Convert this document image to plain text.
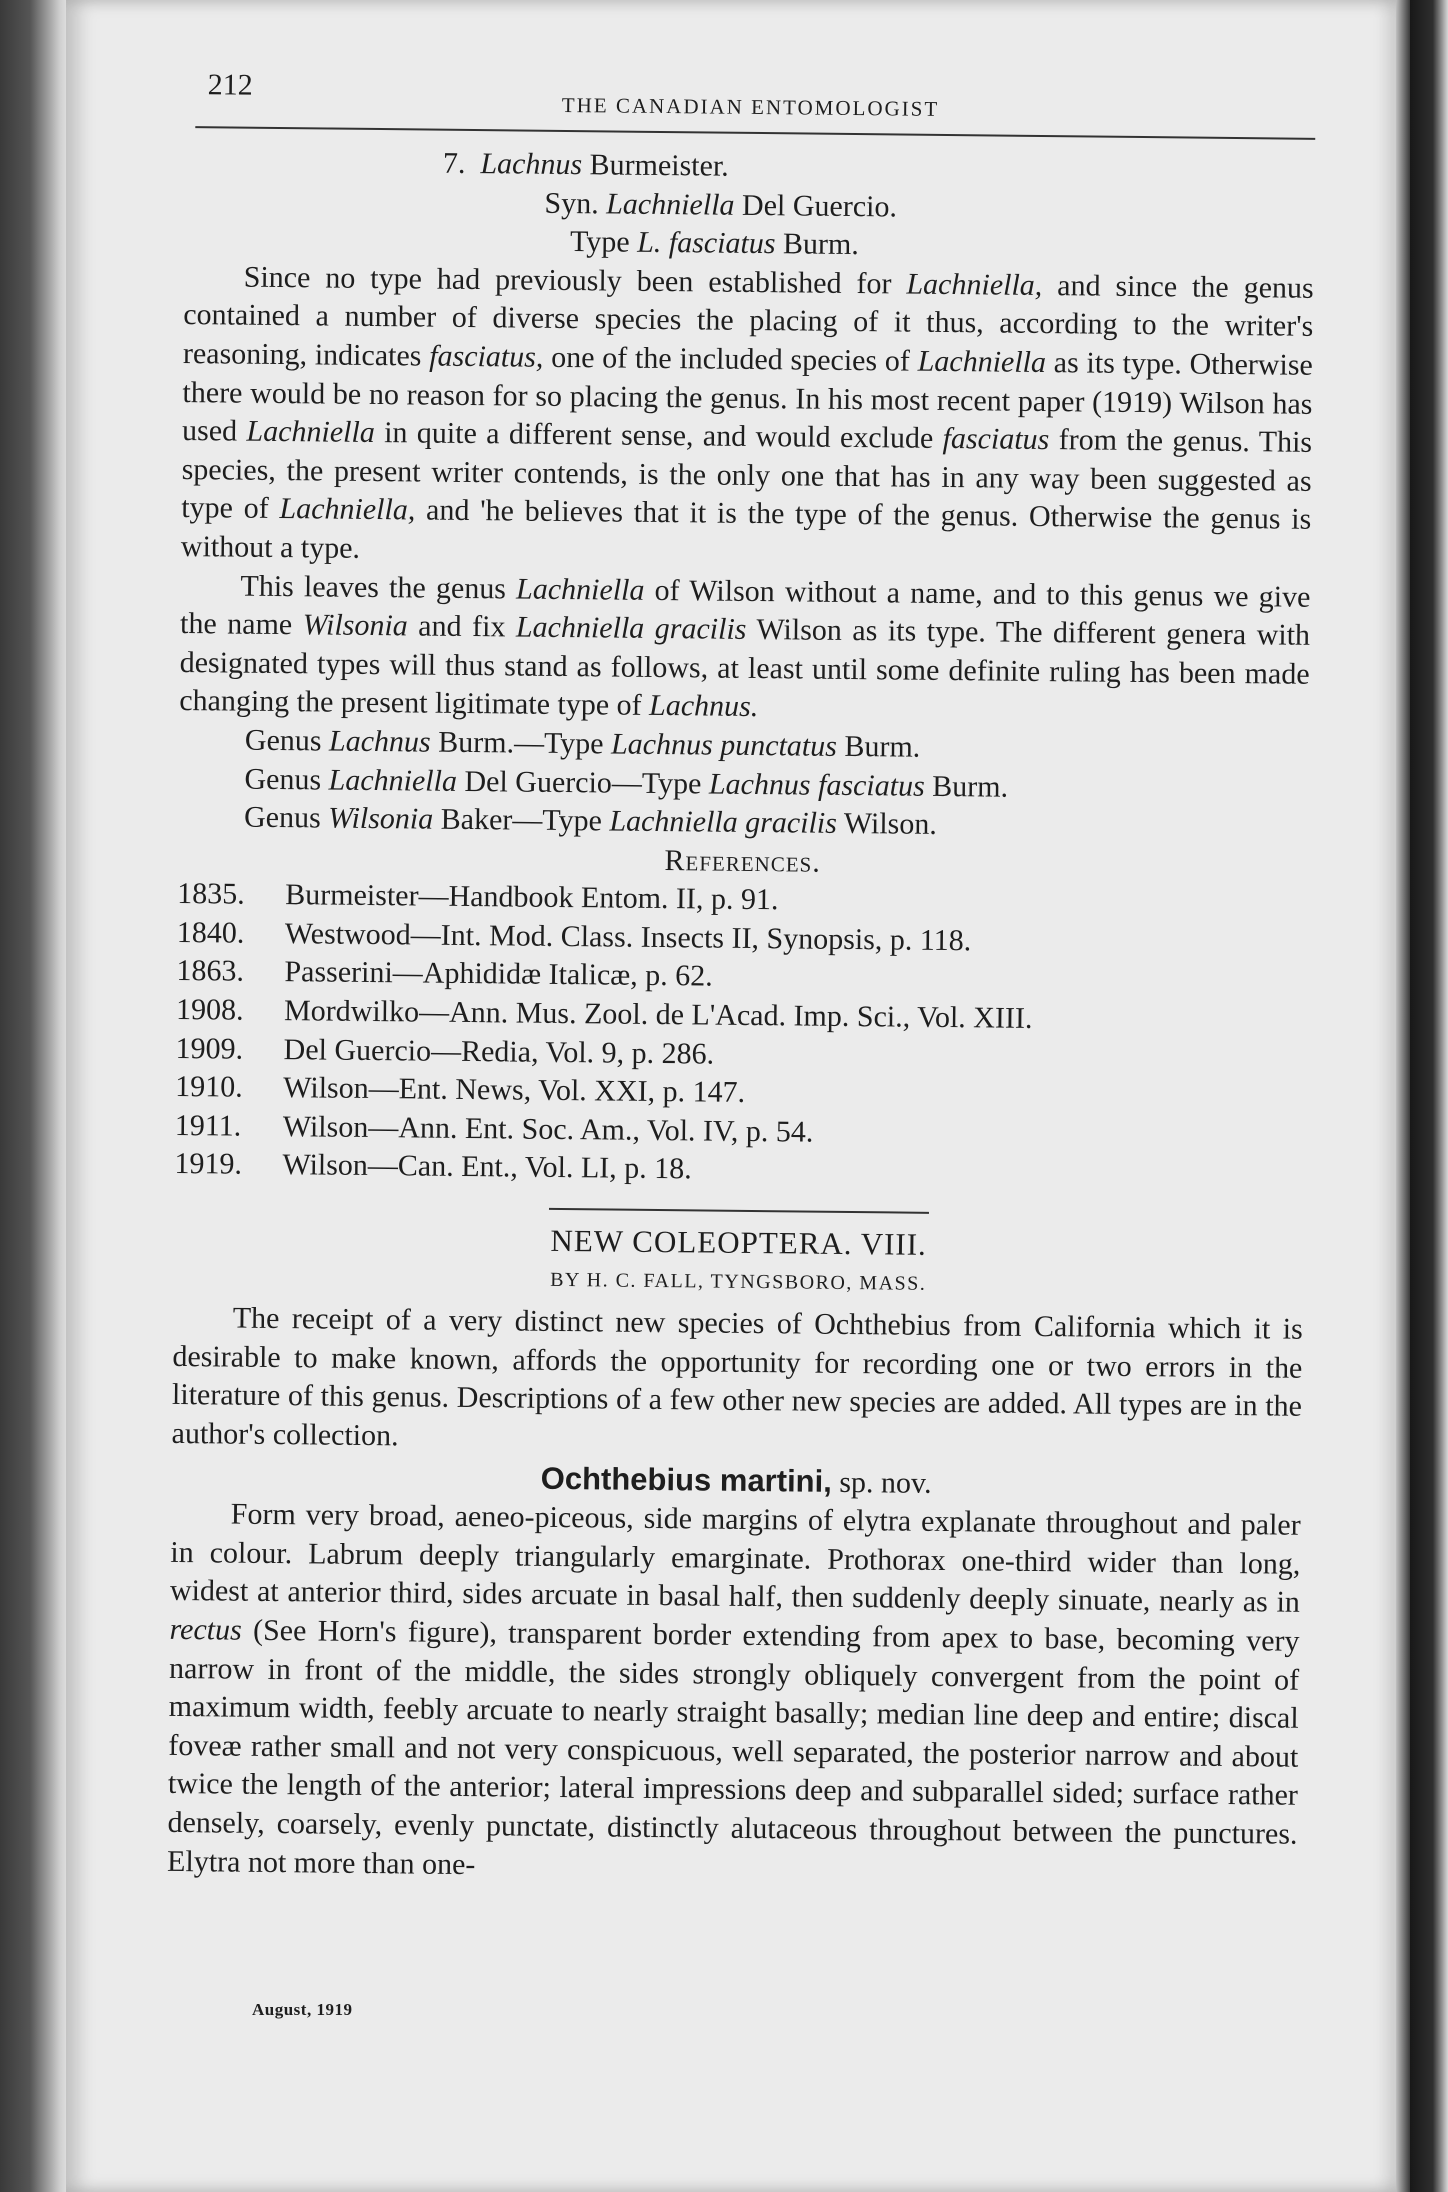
212
THE CANADIAN ENTOMOLOGIST
7. Lachnus Burmeister.
Syn. Lachniella Del Guercio.
Type L. fasciatus Burm.

Since no type had previously been established for Lachniella, and since the genus contained a number of diverse species the placing of it thus, according to the writer's reasoning, indicates fasciatus, one of the included species of Lachniella as its type. Otherwise there would be no reason for so placing the genus. In his most recent paper (1919) Wilson has used Lachniella in quite a different sense, and would exclude fasciatus from the genus. This species, the present writer contends, is the only one that has in any way been suggested as type of Lachniella, and 'he believes that it is the type of the genus. Otherwise the genus is without a type.

This leaves the genus Lachniella of Wilson without a name, and to this genus we give the name Wilsonia and fix Lachniella gracilis Wilson as its type. The different genera with designated types will thus stand as follows, at least until some definite ruling has been made changing the present ligitimate type of Lachnus.

Genus Lachnus Burm.—Type Lachnus punctatus Burm.
Genus Lachniella Del Guercio—Type Lachnus fasciatus Burm.
Genus Wilsonia Baker—Type Lachniella gracilis Wilson.
References.
1835. Burmeister—Handbook Entom. II, p. 91.
1840. Westwood—Int. Mod. Class. Insects II, Synopsis, p. 118.
1863. Passerini—Aphididæ Italicæ, p. 62.
1908. Mordwilko—Ann. Mus. Zool. de L'Acad. Imp. Sci., Vol. XIII.
1909. Del Guercio—Redia, Vol. 9, p. 286.
1910. Wilson—Ent. News, Vol. XXI, p. 147.
1911. Wilson—Ann. Ent. Soc. Am., Vol. IV, p. 54.
1919. Wilson—Can. Ent., Vol. LI, p. 18.
NEW COLEOPTERA. VIII.
BY H. C. FALL, TYNGSBORO, MASS.

The receipt of a very distinct new species of Ochthebius from California which it is desirable to make known, affords the opportunity for recording one or two errors in the literature of this genus. Descriptions of a few other new species are added. All types are in the author's collection.

Ochthebius martini, sp. nov.

Form very broad, aeneo-piceous, side margins of elytra explanate throughout and paler in colour. Labrum deeply triangularly emarginate. Prothorax one-third wider than long, widest at anterior third, sides arcuate in basal half, then suddenly deeply sinuate, nearly as in rectus (See Horn's figure), transparent border extending from apex to base, becoming very narrow in front of the middle, the sides strongly obliquely convergent from the point of maximum width, feebly arcuate to nearly straight basally; median line deep and entire; discal foveæ rather small and not very conspicuous, well separated, the posterior narrow and about twice the length of the anterior; lateral impressions deep and subparallel sided; surface rather densely, coarsely, evenly punctate, distinctly alutaceous throughout between the punctures. Elytra not more than one-

August, 1919
